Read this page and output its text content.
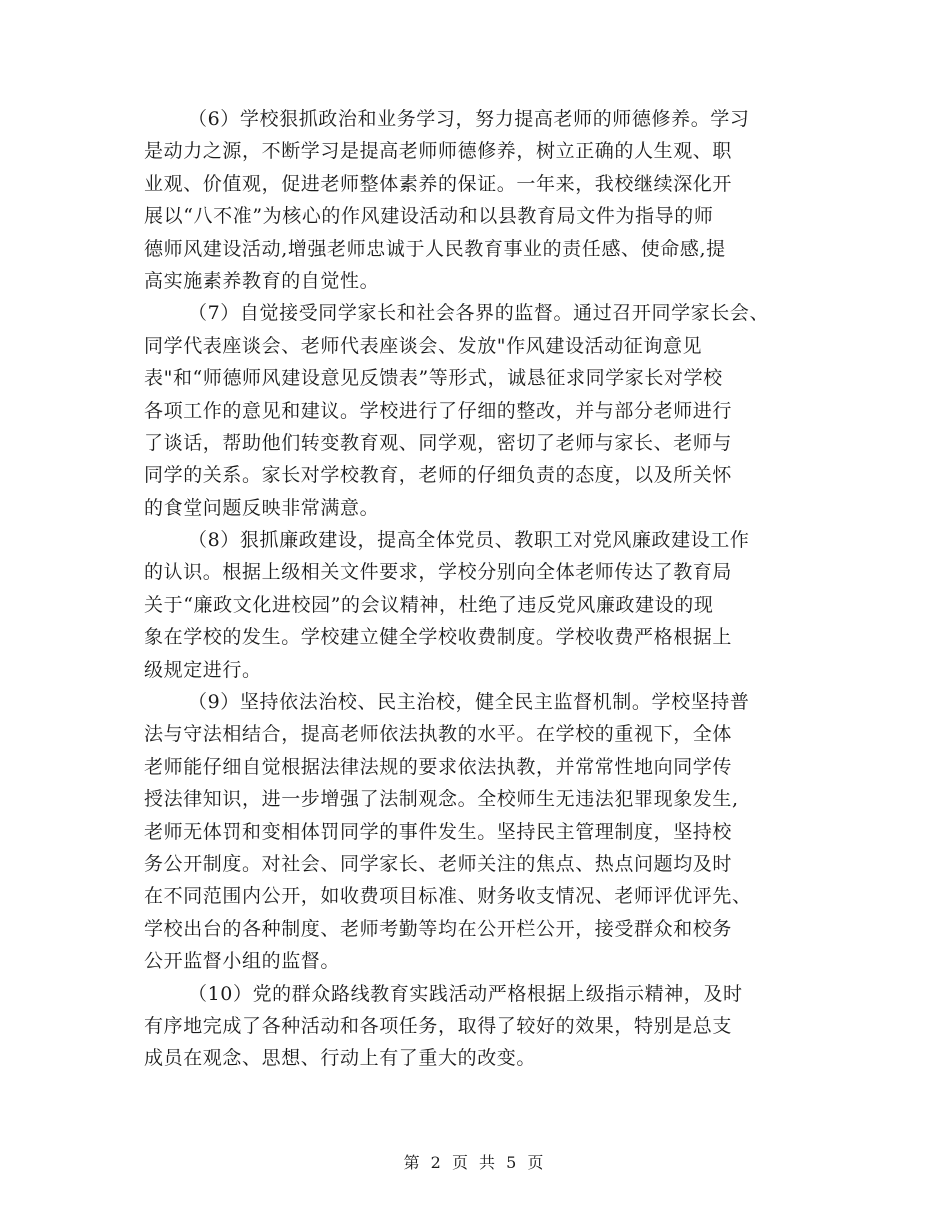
（6）学校狠抓政治和业务学习，努力提高老师的师德修养。学习
是动力之源，不断学习是提高老师师德修养，树立正确的人生观、职
业观、价值观，促进老师整体素养的保证。一年来，我校继续深化开
展以“八不准”为核心的作风建设活动和以县教育局文件为指导的师
德师风建设活动,增强老师忠诚于人民教育事业的责任感、使命感,提
高实施素养教育的自觉性。
（7）自觉接受同学家长和社会各界的监督。通过召开同学家长会、
同学代表座谈会、老师代表座谈会、发放"作风建设活动征询意见
表"和“师德师风建设意见反馈表”等形式，诚恳征求同学家长对学校
各项工作的意见和建议。学校进行了仔细的整改，并与部分老师进行
了谈话，帮助他们转变教育观、同学观，密切了老师与家长、老师与
同学的关系。家长对学校教育，老师的仔细负责的态度，以及所关怀
的食堂问题反映非常满意。
（8）狠抓廉政建设，提高全体党员、教职工对党风廉政建设工作
的认识。根据上级相关文件要求，学校分别向全体老师传达了教育局
关于“廉政文化进校园”的会议精神，杜绝了违反党风廉政建设的现
象在学校的发生。学校建立健全学校收费制度。学校收费严格根据上
级规定进行。
（9）坚持依法治校、民主治校，健全民主监督机制。学校坚持普
法与守法相结合，提高老师依法执教的水平。在学校的重视下，全体
老师能仔细自觉根据法律法规的要求依法执教，并常常性地向同学传
授法律知识，进一步增强了法制观念。全校师生无违法犯罪现象发生,
老师无体罚和变相体罚同学的事件发生。坚持民主管理制度，坚持校
务公开制度。对社会、同学家长、老师关注的焦点、热点问题均及时
在不同范围内公开，如收费项目标准、财务收支情况、老师评优评先、
学校出台的各种制度、老师考勤等均在公开栏公开，接受群众和校务
公开监督小组的监督。
（10）党的群众路线教育实践活动严格根据上级指示精神，及时
有序地完成了各种活动和各项任务，取得了较好的效果，特别是总支
成员在观念、思想、行动上有了重大的改变。
第 2 页 共 5 页
